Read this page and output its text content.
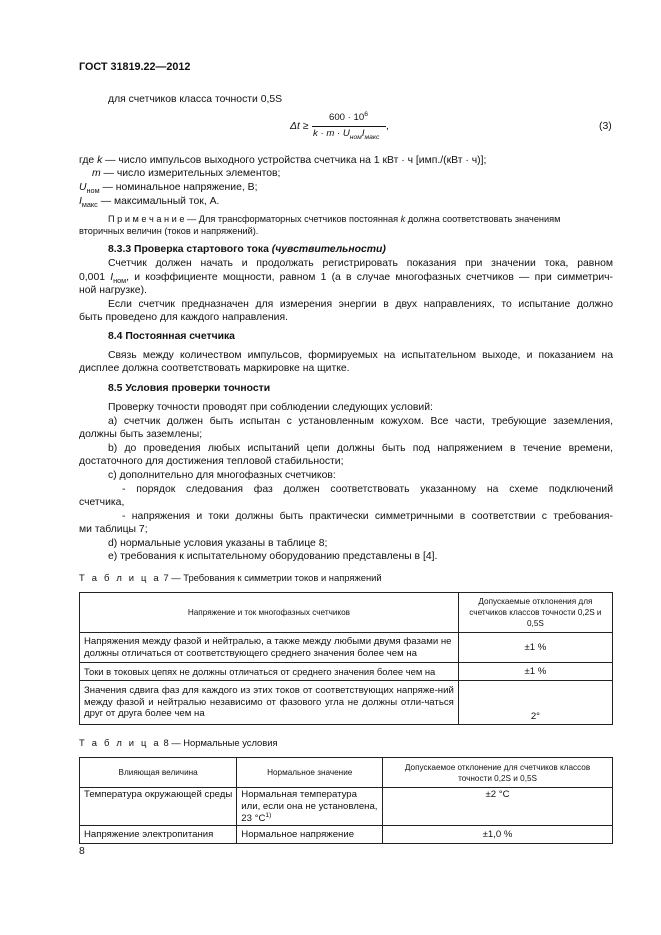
ГОСТ 31819.22—2012
для счетчиков класса точности 0,5S
Δt ≥
$600 \cdot 10^6$
$k \cdot m \cdot U_{ном}I_{макс}$
,	(3)
где k — число импульсов выходного устройства счетчика на 1 кВт · ч [имп./(кВт · ч)];
m — число измерительных элементов;
$U_{ном}$ — номинальное напряжение, В;
$I_{макс}$ — максимальный ток, А.
П р и м е ч а н и е — Для трансформаторных счетчиков постоянная k должна соответствовать значениям
вторичных величин (токов и напряжений).
8.3.3 Проверка стартового тока (чувствительности)
Счетчик должен начать и продолжать регистрировать показания при значении тока, равном
0,001 $I_{ном}$, и коэффициенте мощности, равном 1 (а в случае многофазных счетчиков — при симметрич-
ной нагрузке).
Если счетчик предназначен для измерения энергии в двух направлениях, то испытание должно
быть проведено для каждого направления.
8.4 Постоянная счетчика
Связь между количеством импульсов, формируемых на испытательном выходе, и показанием на
дисплее должна соответствовать маркировке на щитке.
8.5 Условия проверки точности
Проверку точности проводят при соблюдении следующих условий:
a) счетчик должен быть испытан с установленным кожухом. Все части, требующие заземления,
должны быть заземлены;
b) до проведения любых испытаний цепи должны быть под напряжением в течение времени,
достаточного для достижения тепловой стабильности;
c) дополнительно для многофазных счетчиков:
- порядок следования фаз должен соответствовать указанному на схеме подключений
счетчика,
- напряжения и токи должны быть практически симметричными в соответствии с требования-
ми таблицы 7;
d) нормальные условия указаны в таблице 8;
e) требования к испытательному оборудованию представлены в [4].
Т а б л и ц а 7 — Требования к симметрии токов и напряжений
Напряжение и ток многофазных счетчиков	Допускаемые отклонения для счетчиков классов точности 0,2S и 0,5S
Напряжения между фазой и нейтралью, а также между любыми двумя фазами не должны отличаться от соответствующего среднего значения более чем на	±1 %
Токи в токовых цепях не должны отличаться от среднего значения более чем на	±1 %
Значения сдвига фаз для каждого из этих токов от соответствующих напряже-ний между фазой и нейтралью независимо от фазового угла не должны отли-чаться друг от друга более чем на	2°
Т а б л и ц а 8 — Нормальные условия
Влияющая величина	Нормальное значение	Допускаемое отклонение для счетчиков классов точности 0,2S и 0,5S
Температура окружающей среды	Нормальная температура или, если она не установлена, 23 $^\circ C^{1)}$	±2 °C
Напряжение электропитания	Нормальное напряжение	±1,0 %
8
